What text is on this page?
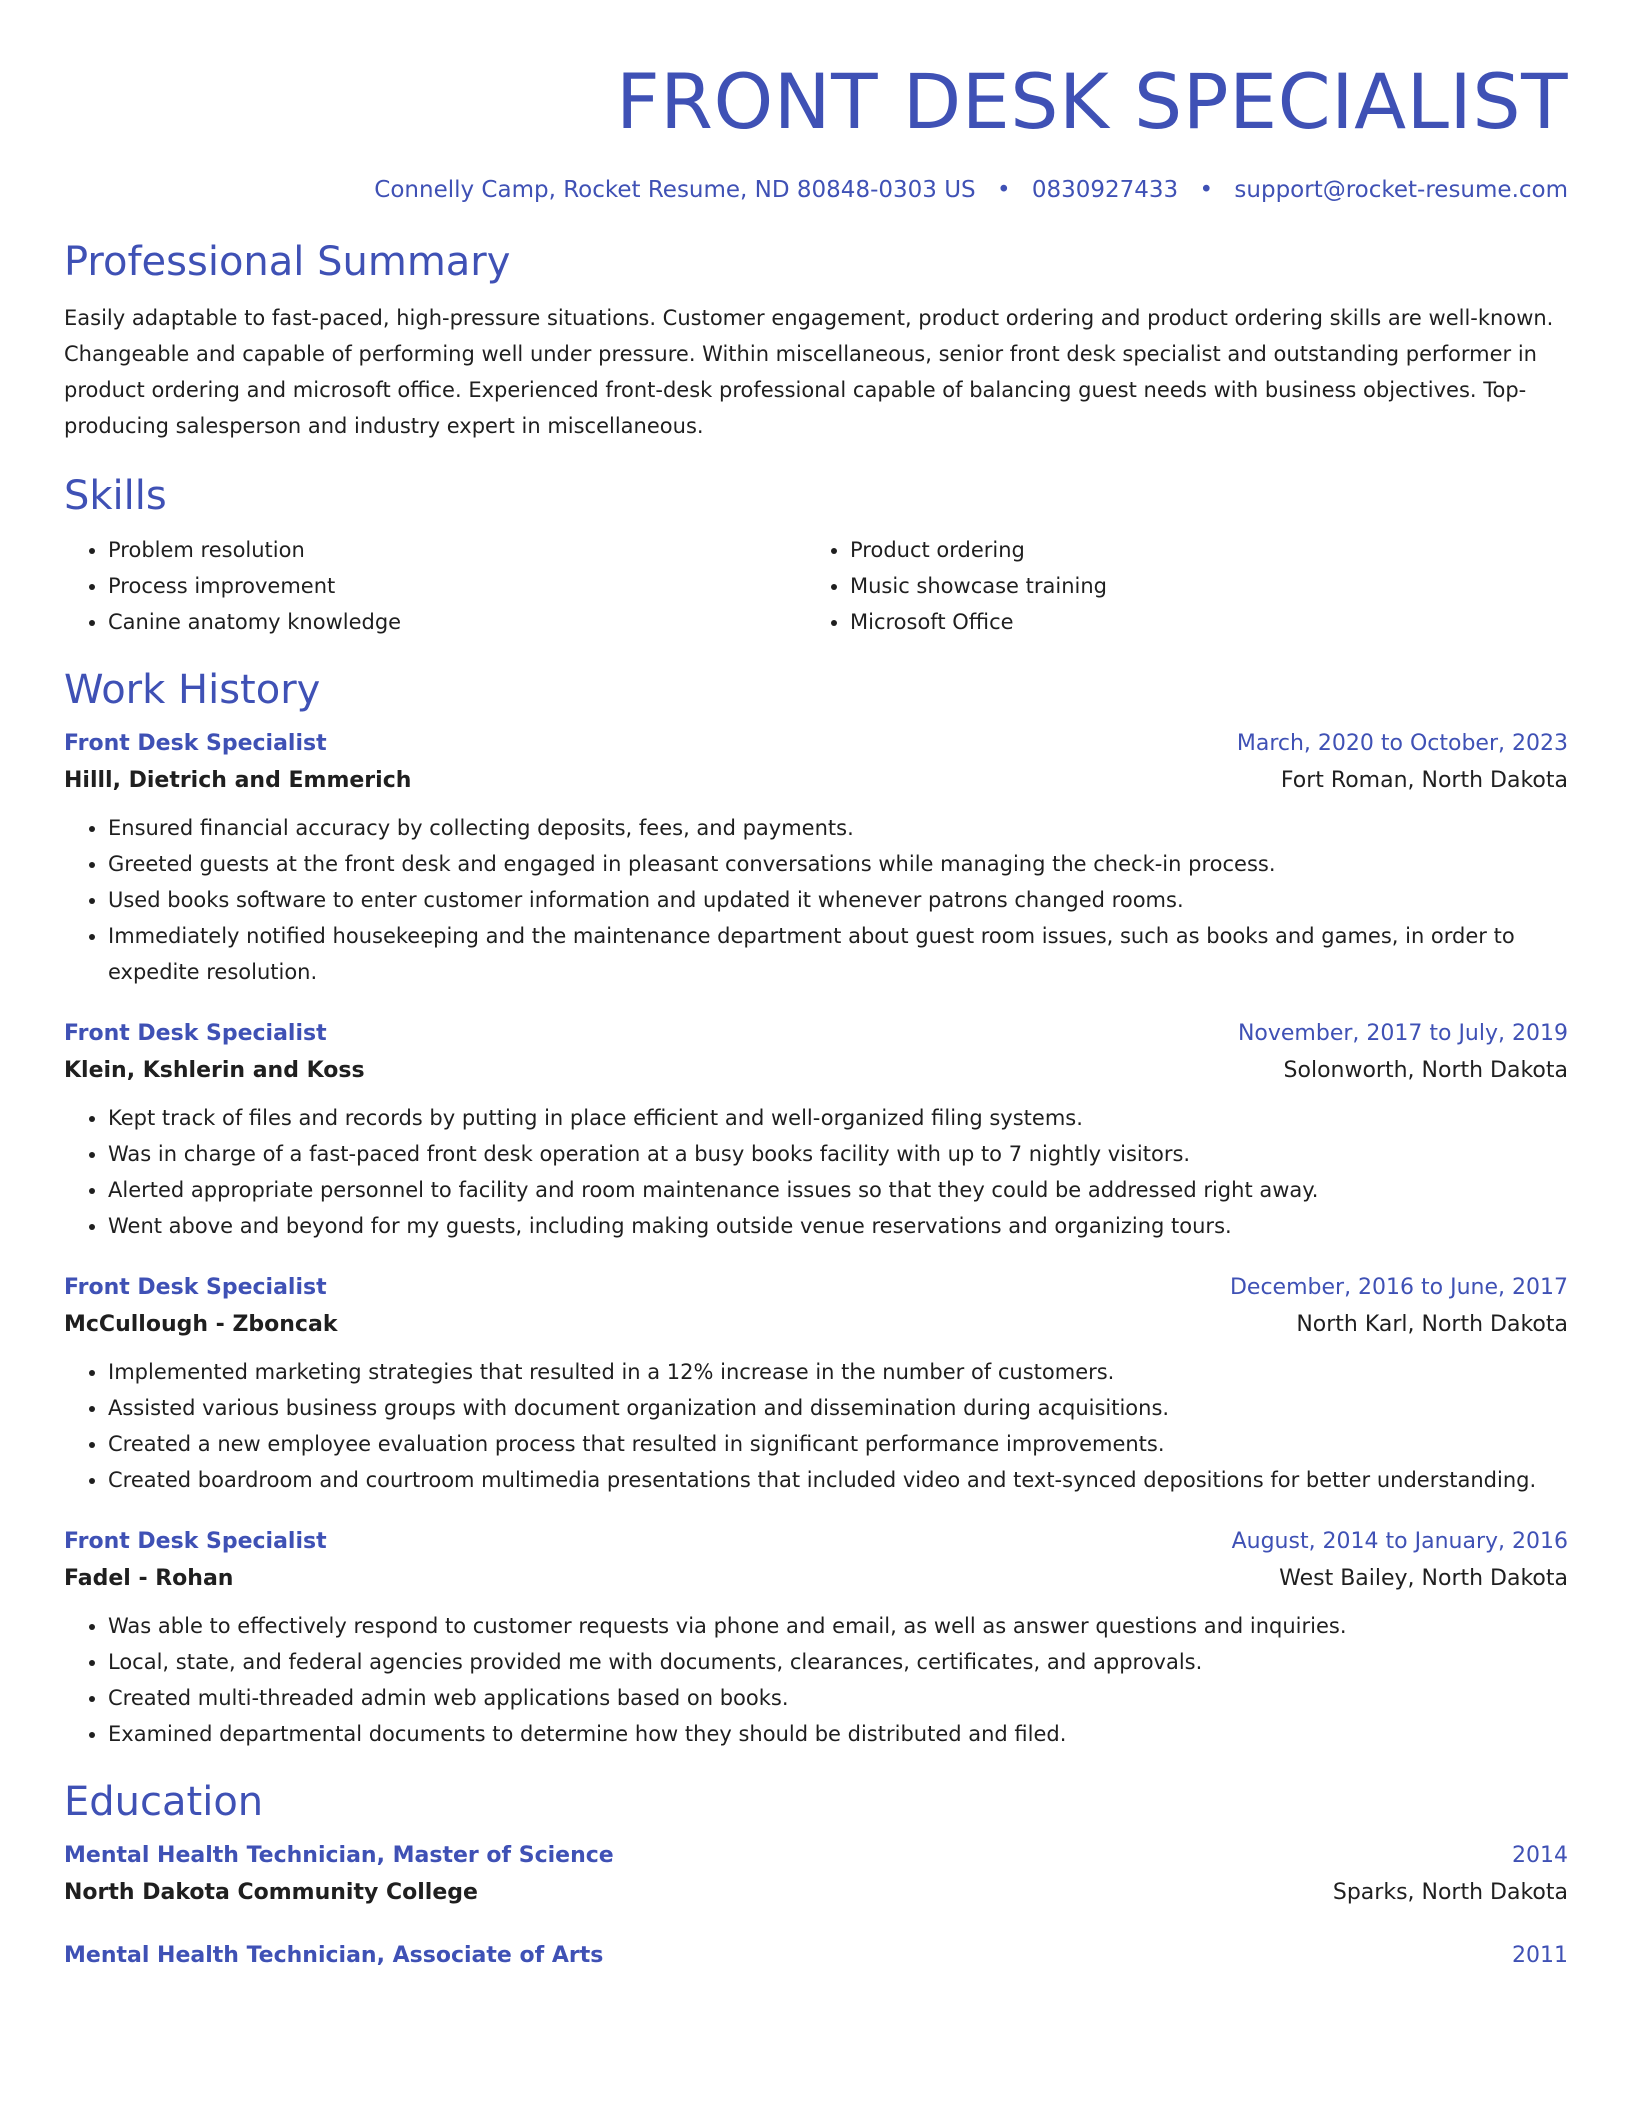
FRONT DESK SPECIALIST
Connelly Camp, Rocket Resume, ND 80848-0303 US • 0830927433 • support@rocket-resume.com
Professional Summary
Easily adaptable to fast-paced, high-pressure situations. Customer engagement, product ordering and product ordering skills are well-known. Changeable and capable of performing well under pressure. Within miscellaneous, senior front desk specialist and outstanding performer in product ordering and microsoft office. Experienced front-desk professional capable of balancing guest needs with business objectives. Top-producing salesperson and industry expert in miscellaneous.
Skills
• Problem resolution
• Process improvement
• Canine anatomy knowledge
• Product ordering
• Music showcase training
• Microsoft Office
Work History
Front Desk Specialist	March, 2020 to October, 2023
Hilll, Dietrich and Emmerich	Fort Roman, North Dakota
• Ensured financial accuracy by collecting deposits, fees, and payments.
• Greeted guests at the front desk and engaged in pleasant conversations while managing the check-in process.
• Used books software to enter customer information and updated it whenever patrons changed rooms.
• Immediately notified housekeeping and the maintenance department about guest room issues, such as books and games, in order to expedite resolution.
Front Desk Specialist	November, 2017 to July, 2019
Klein, Kshlerin and Koss	Solonworth, North Dakota
• Kept track of files and records by putting in place efficient and well-organized filing systems.
• Was in charge of a fast-paced front desk operation at a busy books facility with up to 7 nightly visitors.
• Alerted appropriate personnel to facility and room maintenance issues so that they could be addressed right away.
• Went above and beyond for my guests, including making outside venue reservations and organizing tours.
Front Desk Specialist	December, 2016 to June, 2017
McCullough - Zboncak	North Karl, North Dakota
• Implemented marketing strategies that resulted in a 12% increase in the number of customers.
• Assisted various business groups with document organization and dissemination during acquisitions.
• Created a new employee evaluation process that resulted in significant performance improvements.
• Created boardroom and courtroom multimedia presentations that included video and text-synced depositions for better understanding.
Front Desk Specialist	August, 2014 to January, 2016
Fadel - Rohan	West Bailey, North Dakota
• Was able to effectively respond to customer requests via phone and email, as well as answer questions and inquiries.
• Local, state, and federal agencies provided me with documents, clearances, certificates, and approvals.
• Created multi-threaded admin web applications based on books.
• Examined departmental documents to determine how they should be distributed and filed.
Education
Mental Health Technician, Master of Science	2014
North Dakota Community College	Sparks, North Dakota
Mental Health Technician, Associate of Arts	2011
